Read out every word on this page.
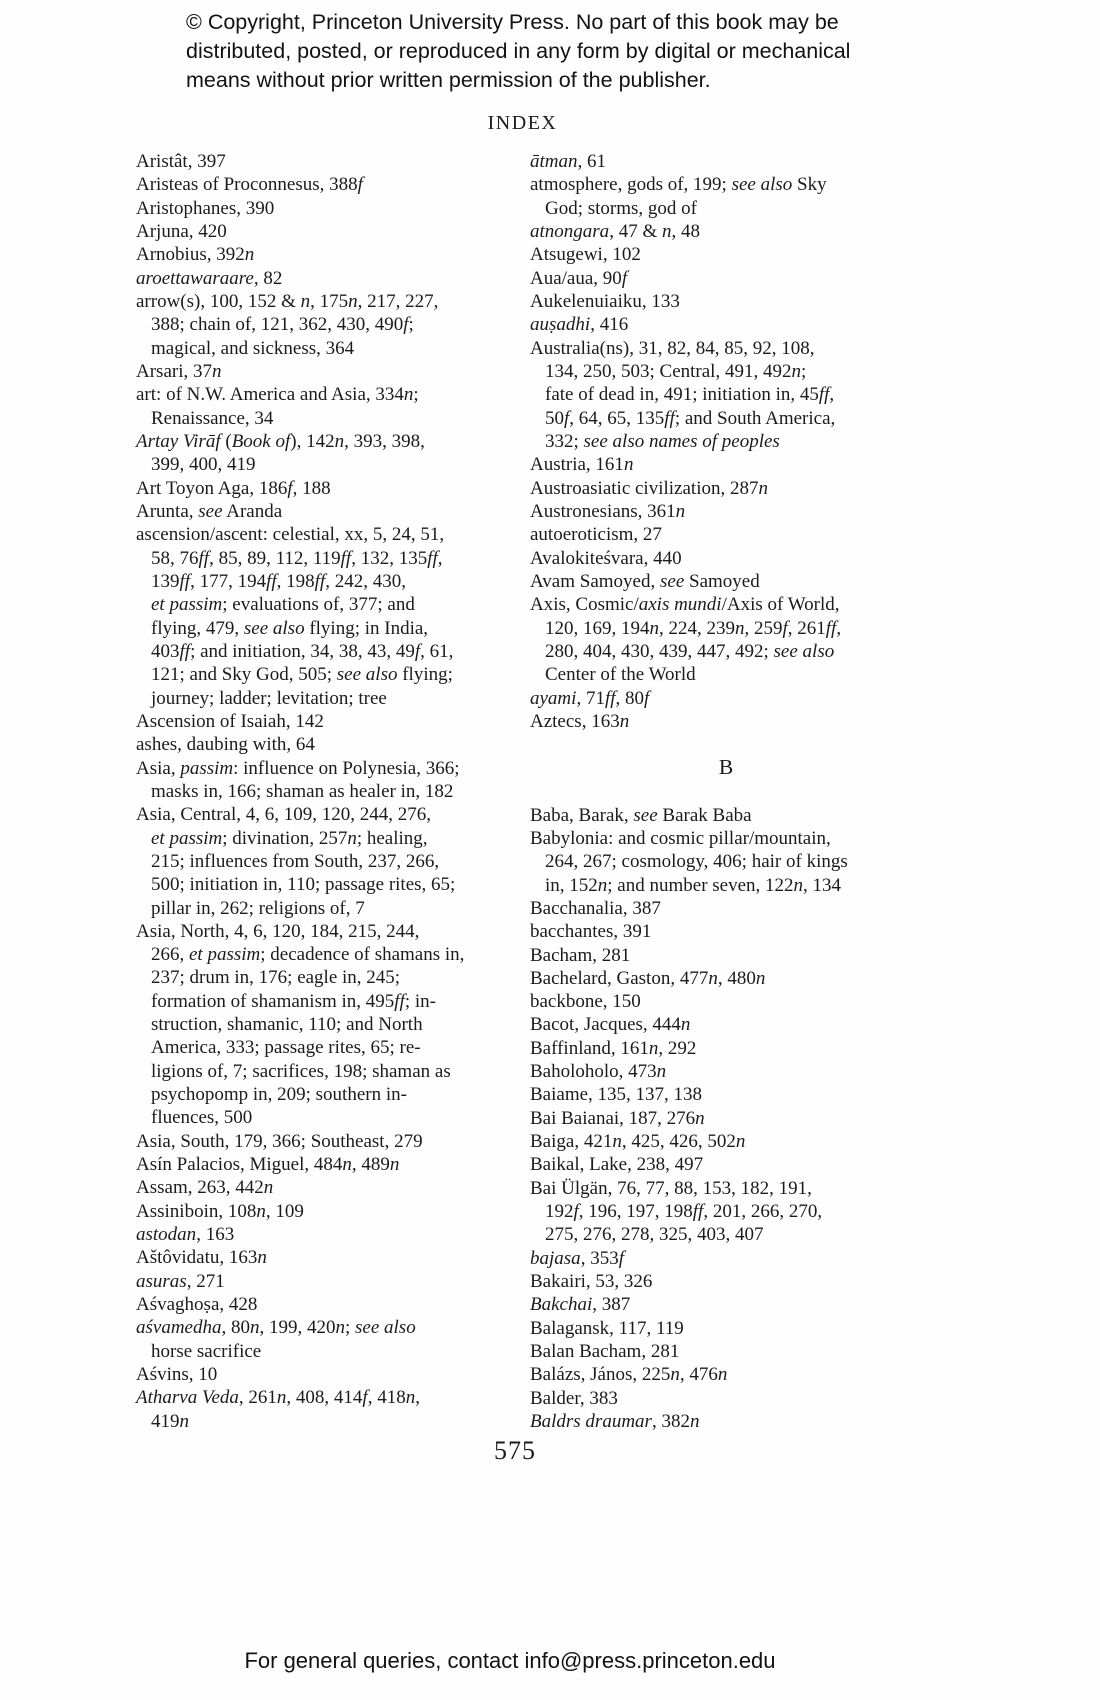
© Copyright, Princeton University Press. No part of this book may be
distributed, posted, or reproduced in any form by digital or mechanical
means without prior written permission of the publisher.
INDEX
Aristât, 397
Aristeas of Proconnesus, 388f
Aristophanes, 390
Arjuna, 420
Arnobius, 392n
aroettawaraare, 82
arrow(s), 100, 152 & n, 175n, 217, 227,
388; chain of, 121, 362, 430, 490f;
magical, and sickness, 364
Arsari, 37n
art: of N.W. America and Asia, 334n;
Renaissance, 34
Artay Virāf (Book of), 142n, 393, 398,
399, 400, 419
Art Toyon Aga, 186f, 188
Arunta, see Aranda
ascension/ascent: celestial, xx, 5, 24, 51,
58, 76ff, 85, 89, 112, 119ff, 132, 135ff,
139ff, 177, 194ff, 198ff, 242, 430,
et passim; evaluations of, 377; and
flying, 479, see also flying; in India,
403ff; and initiation, 34, 38, 43, 49f, 61,
121; and Sky God, 505; see also flying;
journey; ladder; levitation; tree
Ascension of Isaiah, 142
ashes, daubing with, 64
Asia, passim: influence on Polynesia, 366;
masks in, 166; shaman as healer in, 182
Asia, Central, 4, 6, 109, 120, 244, 276,
et passim; divination, 257n; healing,
215; influences from South, 237, 266,
500; initiation in, 110; passage rites, 65;
pillar in, 262; religions of, 7
Asia, North, 4, 6, 120, 184, 215, 244,
266, et passim; decadence of shamans in,
237; drum in, 176; eagle in, 245;
formation of shamanism in, 495ff; in-
struction, shamanic, 110; and North
America, 333; passage rites, 65; re-
ligions of, 7; sacrifices, 198; shaman as
psychopomp in, 209; southern in-
fluences, 500
Asia, South, 179, 366; Southeast, 279
Asín Palacios, Miguel, 484n, 489n
Assam, 263, 442n
Assiniboin, 108n, 109
astodan, 163
Aštôvidatu, 163n
asuras, 271
Aśvaghoṣa, 428
aśvamedha, 80n, 199, 420n; see also
horse sacrifice
Aśvins, 10
Atharva Veda, 261n, 408, 414f, 418n,
419n
ātman, 61
atmosphere, gods of, 199; see also Sky
God; storms, god of
atnongara, 47 & n, 48
Atsugewi, 102
Aua/aua, 90f
Aukelenuiaiku, 133
auṣadhi, 416
Australia(ns), 31, 82, 84, 85, 92, 108,
134, 250, 503; Central, 491, 492n;
fate of dead in, 491; initiation in, 45ff,
50f, 64, 65, 135ff; and South America,
332; see also names of peoples
Austria, 161n
Austroasiatic civilization, 287n
Austronesians, 361n
autoeroticism, 27
Avalokiteśvara, 440
Avam Samoyed, see Samoyed
Axis, Cosmic/axis mundi/Axis of World,
120, 169, 194n, 224, 239n, 259f, 261ff,
280, 404, 430, 439, 447, 492; see also
Center of the World
ayami, 71ff, 80f
Aztecs, 163n
B
Baba, Barak, see Barak Baba
Babylonia: and cosmic pillar/mountain,
264, 267; cosmology, 406; hair of kings
in, 152n; and number seven, 122n, 134
Bacchanalia, 387
bacchantes, 391
Bacham, 281
Bachelard, Gaston, 477n, 480n
backbone, 150
Bacot, Jacques, 444n
Baffinland, 161n, 292
Baholoholo, 473n
Baiame, 135, 137, 138
Bai Baianai, 187, 276n
Baiga, 421n, 425, 426, 502n
Baikal, Lake, 238, 497
Bai Ülgän, 76, 77, 88, 153, 182, 191,
192f, 196, 197, 198ff, 201, 266, 270,
275, 276, 278, 325, 403, 407
bajasa, 353f
Bakairi, 53, 326
Bakchai, 387
Balagansk, 117, 119
Balan Bacham, 281
Balázs, János, 225n, 476n
Balder, 383
Baldrs draumar, 382n
575
For general queries, contact info@press.princeton.edu
